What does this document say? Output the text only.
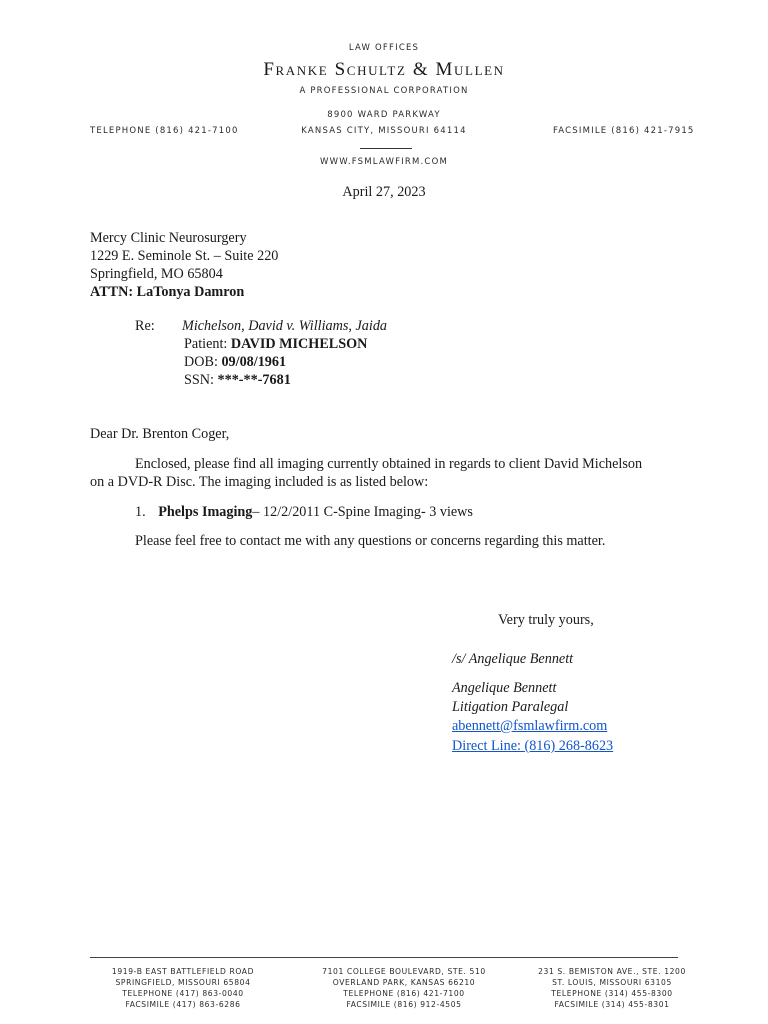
LAW OFFICES
Franke Schultz & Mullen
A PROFESSIONAL CORPORATION
8900 WARD PARKWAY
KANSAS CITY, MISSOURI 64114
TELEPHONE (816) 421-7100	FACSIMILE (816) 421-7915
WWW.FSMLAWFIRM.COM
April 27, 2023
Mercy Clinic Neurosurgery
1229 E. Seminole St. – Suite 220
Springfield, MO 65804
ATTN: LaTonya Damron
Re: Michelson, David v. Williams, Jaida
Patient: DAVID MICHELSON
DOB: 09/08/1961
SSN: ***-**-7681
Dear Dr. Brenton Coger,
Enclosed, please find all imaging currently obtained in regards to client David Michelson
on a DVD-R Disc. The imaging included is as listed below:
1. Phelps Imaging– 12/2/2011 C-Spine Imaging- 3 views
Please feel free to contact me with any questions or concerns regarding this matter.
Very truly yours,
/s/ Angelique Bennett
Angelique Bennett
Litigation Paralegal
abennett@fsmlawfirm.com
Direct Line: (816) 268-8623
1919-B EAST BATTLEFIELD ROAD
SPRINGFIELD, MISSOURI 65804
TELEPHONE (417) 863-0040
FACSIMILE (417) 863-6286
7101 COLLEGE BOULEVARD, STE. 510
OVERLAND PARK, KANSAS 66210
TELEPHONE (816) 421-7100
FACSIMILE (816) 912-4505
231 S. BEMISTON AVE., STE. 1200
ST. LOUIS, MISSOURI 63105
TELEPHONE (314) 455-8300
FACSIMILE (314) 455-8301
